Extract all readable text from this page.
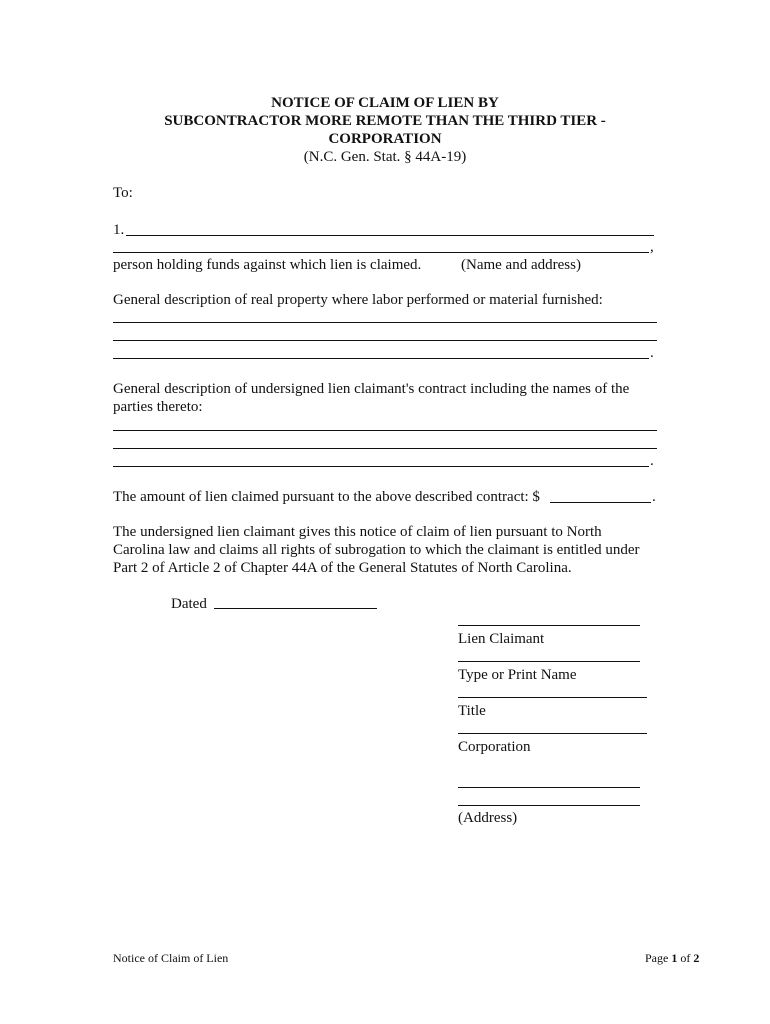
NOTICE OF CLAIM OF LIEN BY
SUBCONTRACTOR MORE REMOTE THAN THE THIRD TIER -
CORPORATION
(N.C. Gen. Stat. § 44A-19)
To:
1.
,
person holding funds against which lien is claimed.	(Name and address)
General description of real property where labor performed or material furnished:
.
General description of undersigned lien claimant's contract including the names of the
parties thereto:
.
The amount of lien claimed pursuant to the above described contract: $	.
The undersigned lien claimant gives this notice of claim of lien pursuant to North
Carolina law and claims all rights of subrogation to which the claimant is entitled under
Part 2 of Article 2 of Chapter 44A of the General Statutes of North Carolina.
Dated
Lien Claimant
Type or Print Name
Title
Corporation
(Address)
Notice of Claim of Lien	Page 1 of 2
